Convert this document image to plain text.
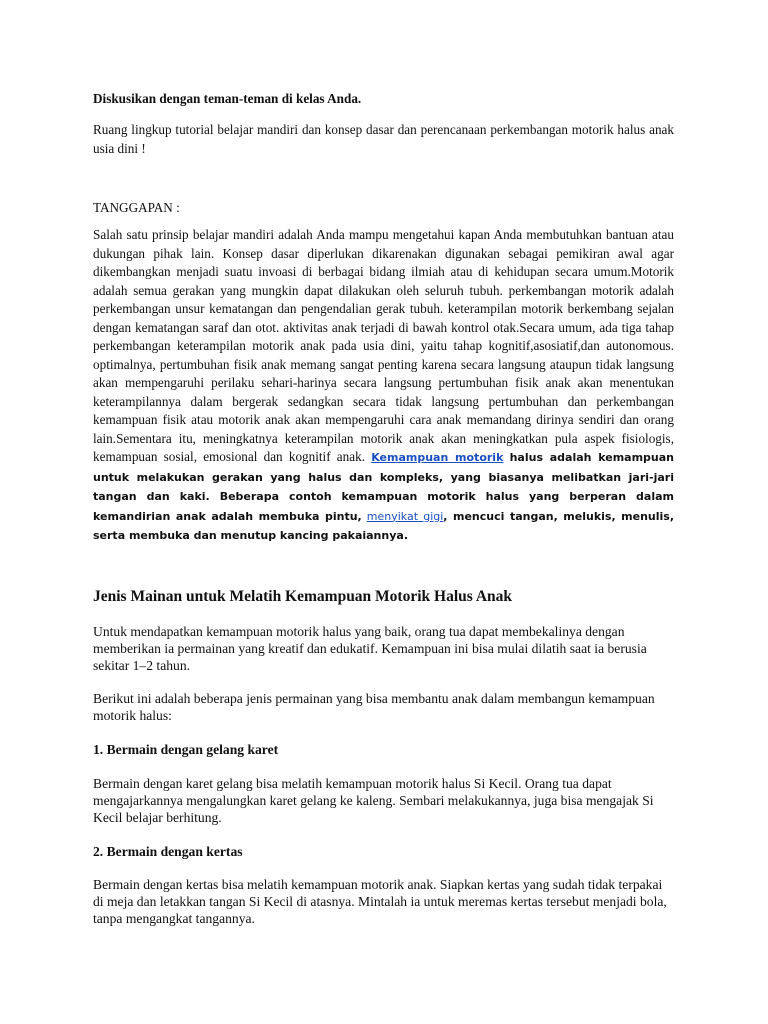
Diskusikan dengan teman-teman di kelas Anda.

Ruang lingkup tutorial belajar mandiri dan konsep dasar dan perencanaan perkembangan motorik halus anak usia dini !

TANGGAPAN :

Salah satu prinsip belajar mandiri adalah Anda mampu mengetahui kapan Anda membutuhkan bantuan atau dukungan pihak lain. Konsep dasar diperlukan dikarenakan digunakan sebagai pemikiran awal agar dikembangkan menjadi suatu invoasi di berbagai bidang ilmiah atau di kehidupan secara umum.Motorik adalah semua gerakan yang mungkin dapat dilakukan oleh seluruh tubuh. perkembangan motorik adalah perkembangan unsur kematangan dan pengendalian gerak tubuh. keterampilan motorik berkembang sejalan dengan kematangan saraf dan otot. aktivitas anak terjadi di bawah kontrol otak.Secara umum, ada tiga tahap perkembangan keterampilan motorik anak pada usia dini, yaitu tahap kognitif,asosiatif,dan autonomous. optimalnya, pertumbuhan fisik anak memang sangat penting karena secara langsung ataupun tidak langsung akan mempengaruhi perilaku sehari-harinya secara langsung pertumbuhan fisik anak akan menentukan keterampilannya dalam bergerak sedangkan secara tidak langsung pertumbuhan dan perkembangan kemampuan fisik atau motorik anak akan mempengaruhi cara anak memandang dirinya sendiri dan orang lain.Sementara itu, meningkatnya keterampilan motorik anak akan meningkatkan pula aspek fisiologis, kemampuan sosial, emosional dan kognitif anak. Kemampuan motorik halus adalah kemampuan untuk melakukan gerakan yang halus dan kompleks, yang biasanya melibatkan jari-jari tangan dan kaki. Beberapa contoh kemampuan motorik halus yang berperan dalam kemandirian anak adalah membuka pintu, menyikat gigi, mencuci tangan, melukis, menulis, serta membuka dan menutup kancing pakaiannya.

Jenis Mainan untuk Melatih Kemampuan Motorik Halus Anak

Untuk mendapatkan kemampuan motorik halus yang baik, orang tua dapat membekalinya dengan memberikan ia permainan yang kreatif dan edukatif. Kemampuan ini bisa mulai dilatih saat ia berusia sekitar 1–2 tahun.

Berikut ini adalah beberapa jenis permainan yang bisa membantu anak dalam membangun kemampuan motorik halus:

1. Bermain dengan gelang karet

Bermain dengan karet gelang bisa melatih kemampuan motorik halus Si Kecil. Orang tua dapat mengajarkannya mengalungkan karet gelang ke kaleng. Sembari melakukannya, juga bisa mengajak Si Kecil belajar berhitung.

2. Bermain dengan kertas

Bermain dengan kertas bisa melatih kemampuan motorik anak. Siapkan kertas yang sudah tidak terpakai di meja dan letakkan tangan Si Kecil di atasnya. Mintalah ia untuk meremas kertas tersebut menjadi bola, tanpa mengangkat tangannya.
